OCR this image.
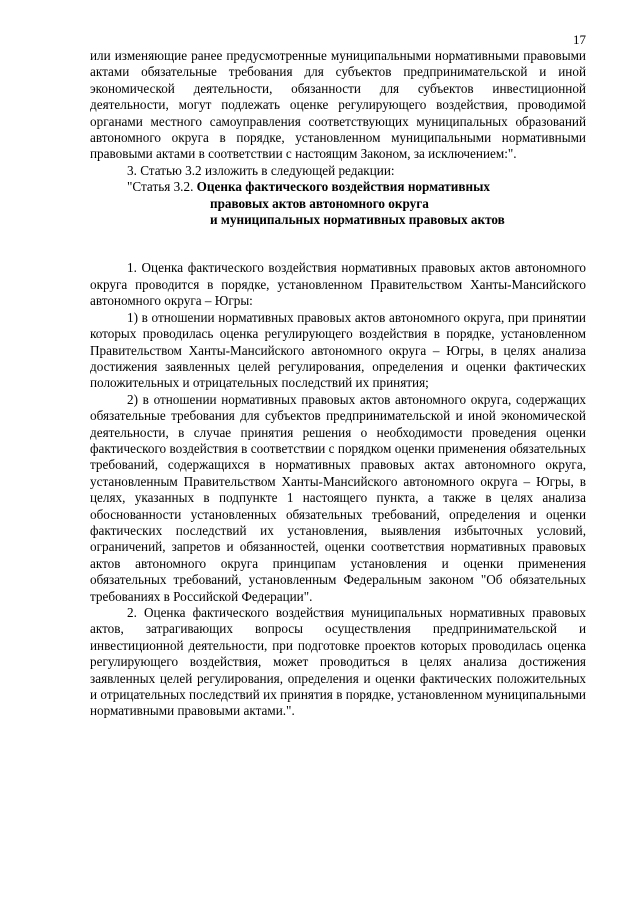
17

или изменяющие ранее предусмотренные муниципальными нормативными правовыми актами обязательные требования для субъектов предпринимательской и иной экономической деятельности, обязанности для субъектов инвестиционной деятельности, могут подлежать оценке регулирующего воздействия, проводимой органами местного самоуправления соответствующих муниципальных образований автономного округа в порядке, установленном муниципальными нормативными правовыми актами в соответствии с настоящим Законом, за исключением:".

3. Статью 3.2 изложить в следующей редакции:

"Статья 3.2. Оценка фактического воздействия нормативных

правовых актов автономного округа

и муниципальных нормативных правовых актов

1. Оценка фактического воздействия нормативных правовых актов автономного округа проводится в порядке, установленном Правительством Ханты-Мансийского автономного округа – Югры:

1) в отношении нормативных правовых актов автономного округа, при принятии которых проводилась оценка регулирующего воздействия в порядке, установленном Правительством Ханты-Мансийского автономного округа – Югры, в целях анализа достижения заявленных целей регулирования, определения и оценки фактических положительных и отрицательных последствий их принятия;

2) в отношении нормативных правовых актов автономного округа, содержащих обязательные требования для субъектов предпринимательской и иной экономической деятельности, в случае принятия решения о необходимости проведения оценки фактического воздействия в соответствии с порядком оценки применения обязательных требований, содержащихся в нормативных правовых актах автономного округа, установленным Правительством Ханты-Мансийского автономного округа – Югры, в целях, указанных в подпункте 1 настоящего пункта, а также в целях анализа обоснованности установленных обязательных требований, определения и оценки фактических последствий их установления, выявления избыточных условий, ограничений, запретов и обязанностей, оценки соответствия нормативных правовых актов автономного округа принципам установления и оценки применения обязательных требований, установленным Федеральным законом "Об обязательных требованиях в Российской Федерации".

2. Оценка фактического воздействия муниципальных нормативных правовых актов, затрагивающих вопросы осуществления предпринимательской и инвестиционной деятельности, при подготовке проектов которых проводилась оценка регулирующего воздействия, может проводиться в целях анализа достижения заявленных целей регулирования, определения и оценки фактических положительных и отрицательных последствий их принятия в порядке, установленном муниципальными нормативными правовыми актами.".
